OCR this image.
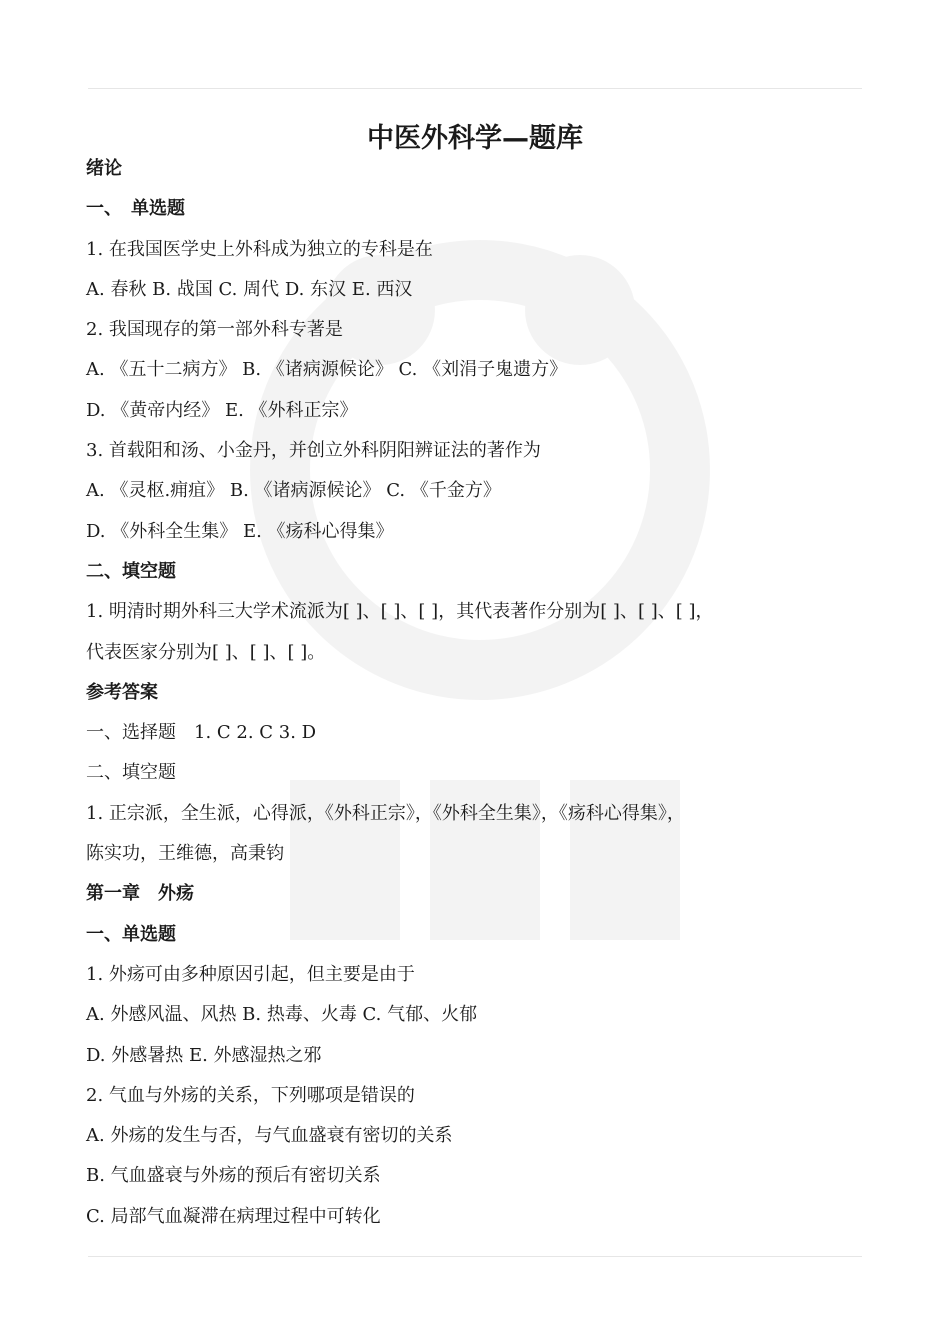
中医外科学—题库
绪论
一、　单选题
1. 在我国医学史上外科成为独立的专科是在
A. 春秋 B. 战国 C. 周代 D. 东汉 E. 西汉
2. 我国现存的第一部外科专著是
A. 《五十二病方》 B. 《诸病源候论》 C. 《刘涓子鬼遗方》
D. 《黄帝内经》 E. 《外科正宗》
3. 首载阳和汤、小金丹，并创立外科阴阳辨证法的著作为
A. 《灵枢.痈疽》 B. 《诸病源候论》 C. 《千金方》
D. 《外科全生集》 E. 《疡科心得集》
二、填空题
1. 明清时期外科三大学术流派为[ ]、[ ]、[ ]，其代表著作分别为[ ]、[ ]、[ ]，
代表医家分别为[ ]、[ ]、[ ]。
参考答案
一、选择题　1. C 2. C 3. D
二、填空题
1. 正宗派，全生派，心得派，《外科正宗》，《外科全生集》，《疡科心得集》，
陈实功，王维德，高秉钧
第一章　外疡
一、单选题
1. 外疡可由多种原因引起，但主要是由于
A. 外感风温、风热 B. 热毒、火毒 C. 气郁、火郁
D. 外感暑热 E. 外感湿热之邪
2. 气血与外疡的关系，下列哪项是错误的
A. 外疡的发生与否，与气血盛衰有密切的关系
B. 气血盛衰与外疡的预后有密切关系
C. 局部气血凝滞在病理过程中可转化
